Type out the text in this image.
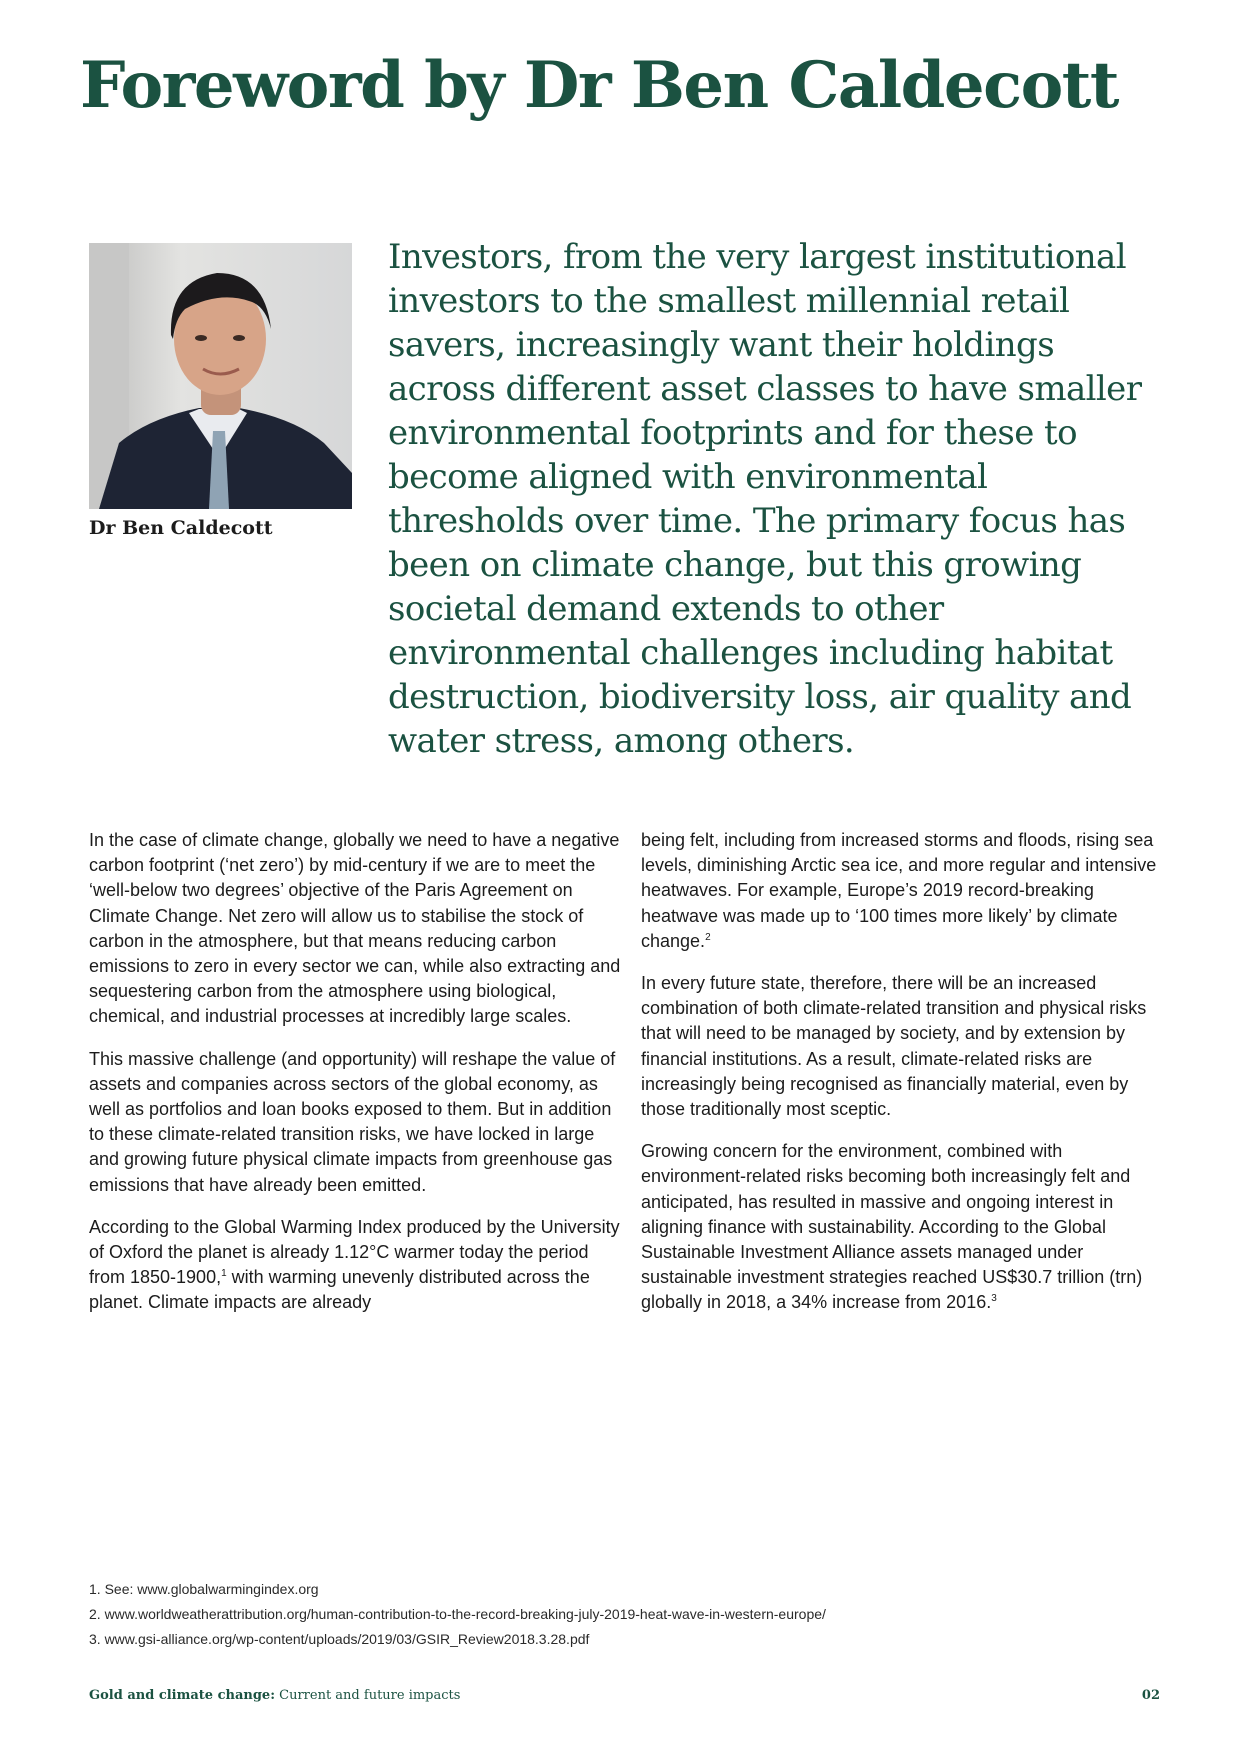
Foreword by Dr Ben Caldecott
Dr Ben Caldecott

Investors, from the very largest institutional investors to the smallest millennial retail savers, increasingly want their holdings across different asset classes to have smaller environmental footprints and for these to become aligned with environmental thresholds over time. The primary focus has been on climate change, but this growing societal demand extends to other environmental challenges including habitat destruction, biodiversity loss, air quality and water stress, among others.

In the case of climate change, globally we need to have a negative carbon footprint (‘net zero’) by mid-century if we are to meet the ‘well-below two degrees’ objective of the Paris Agreement on Climate Change. Net zero will allow us to stabilise the stock of carbon in the atmosphere, but that means reducing carbon emissions to zero in every sector we can, while also extracting and sequestering carbon from the atmosphere using biological, chemical, and industrial processes at incredibly large scales.

This massive challenge (and opportunity) will reshape the value of assets and companies across sectors of the global economy, as well as portfolios and loan books exposed to them. But in addition to these climate-related transition risks, we have locked in large and growing future physical climate impacts from greenhouse gas emissions that have already been emitted.

According to the Global Warming Index produced by the University of Oxford the planet is already 1.12°C warmer today the period from 1850-1900,$^1$ with warming unevenly distributed across the planet. Climate impacts are already

being felt, including from increased storms and floods, rising sea levels, diminishing Arctic sea ice, and more regular and intensive heatwaves. For example, Europe’s 2019 record-breaking heatwave was made up to ‘100 times more likely’ by climate change.$^2$

In every future state, therefore, there will be an increased combination of both climate-related transition and physical risks that will need to be managed by society, and by extension by financial institutions. As a result, climate-related risks are increasingly being recognised as financially material, even by those traditionally most sceptic.

Growing concern for the environment, combined with environment-related risks becoming both increasingly felt and anticipated, has resulted in massive and ongoing interest in aligning finance with sustainability. According to the Global Sustainable Investment Alliance assets managed under sustainable investment strategies reached US$30.7 trillion (trn) globally in 2018, a 34% increase from 2016.$^3$

1. See: www.globalwarmingindex.org
2. www.worldweatherattribution.org/human-contribution-to-the-record-breaking-july-2019-heat-wave-in-western-europe/
3. www.gsi-alliance.org/wp-content/uploads/2019/03/GSIR_Review2018.3.28.pdf
Gold and climate change: Current and future impacts	02
